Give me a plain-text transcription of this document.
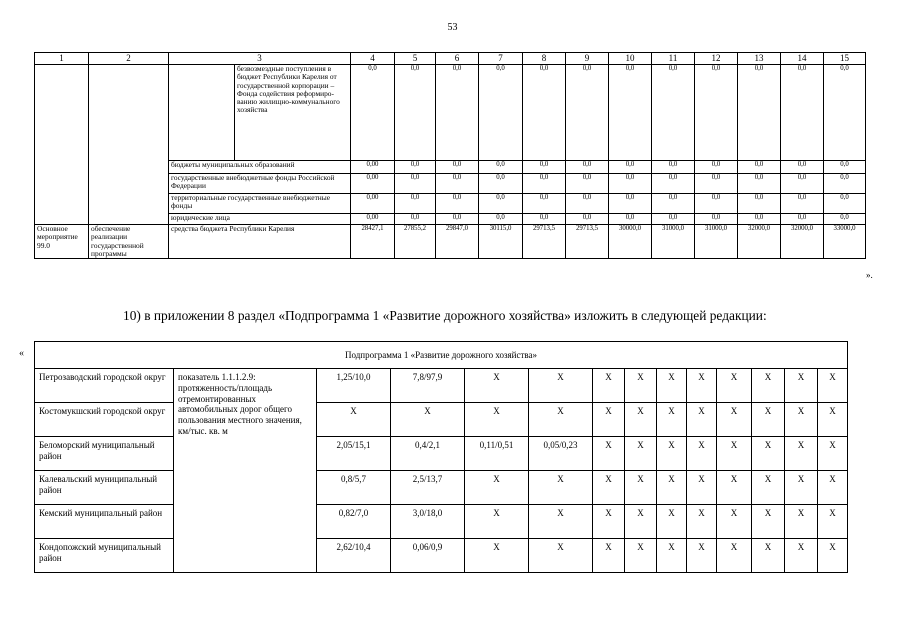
53
1	2	3		4	5	6	7	8	9	10	11	12	13	14	15
			безвозмездные поступления в бюджет Республики Карелия от государственной корпорации – Фонда содействия реформиро-ванию жилищно-коммунального хозяйства	0,0	0,0	0,0	0,0	0,0	0,0	0,0	0,0	0,0	0,0	0,0	0,0
		бюджеты муниципальных образований		0,00	0,0	0,0	0,0	0,0	0,0	0,0	0,0	0,0	0,0	0,0	0,0
		государственные внебюджетные фонды Российской Федерации		0,00	0,0	0,0	0,0	0,0	0,0	0,0	0,0	0,0	0,0	0,0	0,0
		территориальные государственные внебюджетные фонды		0,00	0,0	0,0	0,0	0,0	0,0	0,0	0,0	0,0	0,0	0,0	0,0
		юридические лица		0,00	0,0	0,0	0,0	0,0	0,0	0,0	0,0	0,0	0,0	0,0	0,0
Основное мероприятие 99.0	обеспечение реализации государственной программы	средства бюджета Республики Карелия		28427,1	27855,2	29847,0	30115,0	29713,5	29713,5	30000,0	31000,0	31000,0	32000,0	32000,0	33000,0
».
10) в приложении 8 раздел «Подпрограмма 1 «Развитие дорожного хозяйства» изложить в следующей редакции:
«	Подпрограмма 1 «Развитие дорожного хозяйства»													
Петрозаводский городской округ	показатель 1.1.1.2.9: протяженность/площадь отремонтированных автомобильных дорог общего пользования местного значения, км/тыс. кв. м	1,25/10,0	7,8/97,9	Х	Х	Х	Х	Х	Х	Х	Х	Х	Х
Костомукшский городской округ		Х	Х	Х	Х	Х	Х	Х	Х	Х	Х	Х	Х
Беломорский муниципальный район		2,05/15,1	0,4/2,1	0,11/0,51	0,05/0,23	Х	Х	Х	Х	Х	Х	Х	Х
Калевальский муниципальный район		0,8/5,7	2,5/13,7	Х	Х	Х	Х	Х	Х	Х	Х	Х	Х
Кемский муниципальный район		0,82/7,0	3,0/18,0	Х	Х	Х	Х	Х	Х	Х	Х	Х	Х
Кондопожский муниципальный район		2,62/10,4	0,06/0,9	Х	Х	Х	Х	Х	Х	Х	Х	Х	Х
